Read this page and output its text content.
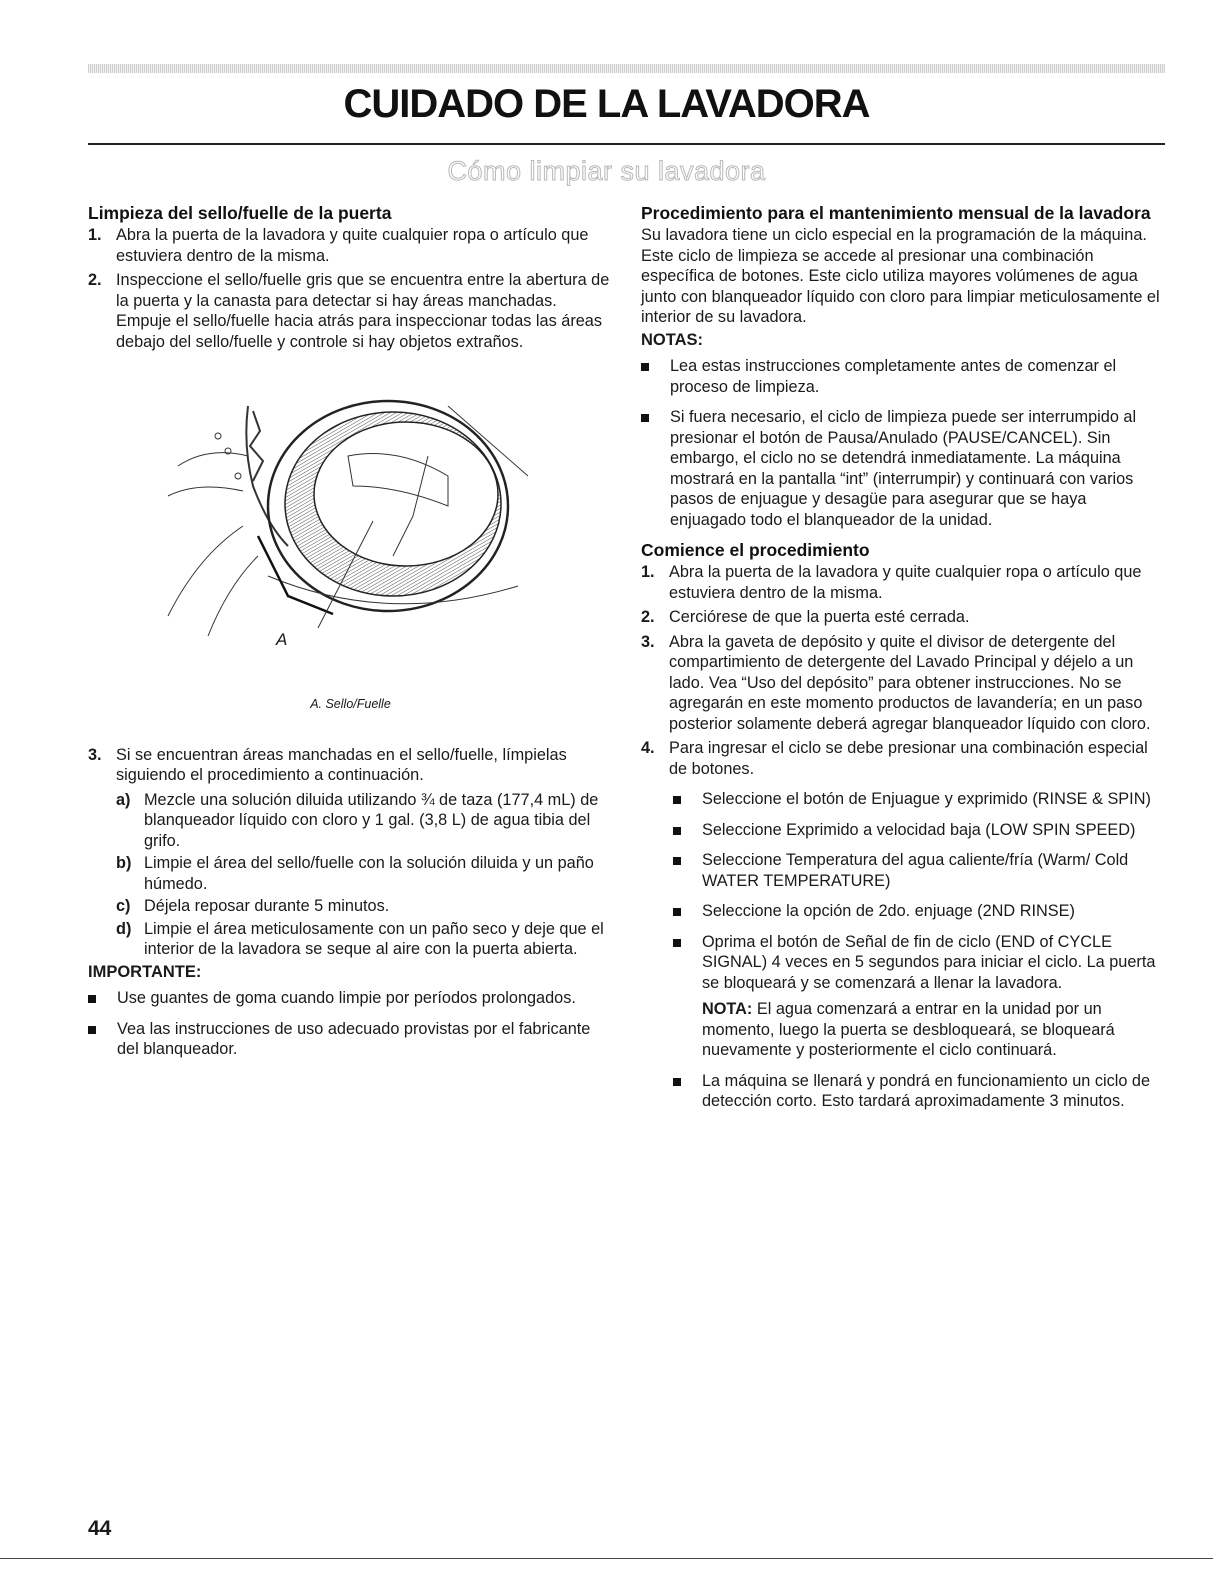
CUIDADO DE LA LAVADORA
Cómo limpiar su lavadora
Limpieza del sello/fuelle de la puerta
1. Abra la puerta de la lavadora y quite cualquier ropa o artículo que estuviera dentro de la misma.
2. Inspeccione el sello/fuelle gris que se encuentra entre la abertura de la puerta y la canasta para detectar si hay áreas manchadas. Empuje el sello/fuelle hacia atrás para inspeccionar todas las áreas debajo del sello/fuelle y controle si hay objetos extraños.
A
A. Sello/Fuelle
3. Si se encuentran áreas manchadas en el sello/fuelle, límpielas siguiendo el procedimiento a continuación.
a) Mezcle una solución diluida utilizando ¾ de taza (177,4 mL) de blanqueador líquido con cloro y 1 gal. (3,8 L) de agua tibia del grifo.
b) Limpie el área del sello/fuelle con la solución diluida y un paño húmedo.
c) Déjela reposar durante 5 minutos.
d) Limpie el área meticulosamente con un paño seco y deje que el interior de la lavadora se seque al aire con la puerta abierta.
IMPORTANTE:
Use guantes de goma cuando limpie por períodos prolongados.
Vea las instrucciones de uso adecuado provistas por el fabricante del blanqueador.
Procedimiento para el mantenimiento mensual de la lavadora

Su lavadora tiene un ciclo especial en la programación de la máquina. Este ciclo de limpieza se accede al presionar una combinación específica de botones. Este ciclo utiliza mayores volúmenes de agua junto con blanqueador líquido con cloro para limpiar meticulosamente el interior de su lavadora.

NOTAS:
Lea estas instrucciones completamente antes de comenzar el proceso de limpieza.
Si fuera necesario, el ciclo de limpieza puede ser interrumpido al presionar el botón de Pausa/Anulado (PAUSE/CANCEL). Sin embargo, el ciclo no se detendrá inmediatamente. La máquina mostrará en la pantalla “int” (interrumpir) y continuará con varios pasos de enjuague y desagüe para asegurar que se haya enjuagado todo el blanqueador de la unidad.
Comience el procedimiento
1. Abra la puerta de la lavadora y quite cualquier ropa o artículo que estuviera dentro de la misma.
2. Cerciórese de que la puerta esté cerrada.
3. Abra la gaveta de depósito y quite el divisor de detergente del compartimiento de detergente del Lavado Principal y déjelo a un lado. Vea “Uso del depósito” para obtener instrucciones. No se agregarán en este momento productos de lavandería; en un paso posterior solamente deberá agregar blanqueador líquido con cloro.
4. Para ingresar el ciclo se debe presionar una combinación especial de botones.
Seleccione el botón de Enjuague y exprimido (RINSE & SPIN)
Seleccione Exprimido a velocidad baja (LOW SPIN SPEED)
Seleccione Temperatura del agua caliente/fría (Warm/ Cold WATER TEMPERATURE)
Seleccione la opción de 2do. enjuage (2ND RINSE)
Oprima el botón de Señal de fin de ciclo (END of CYCLE SIGNAL) 4 veces en 5 segundos para iniciar el ciclo. La puerta se bloqueará y se comenzará a llenar la lavadora.

NOTA: El agua comenzará a entrar en la unidad por un momento, luego la puerta se desbloqueará, se bloqueará nuevamente y posteriormente el ciclo continuará.

La máquina se llenará y pondrá en funcionamiento un ciclo de detección corto. Esto tardará aproximadamente 3 minutos.
44
